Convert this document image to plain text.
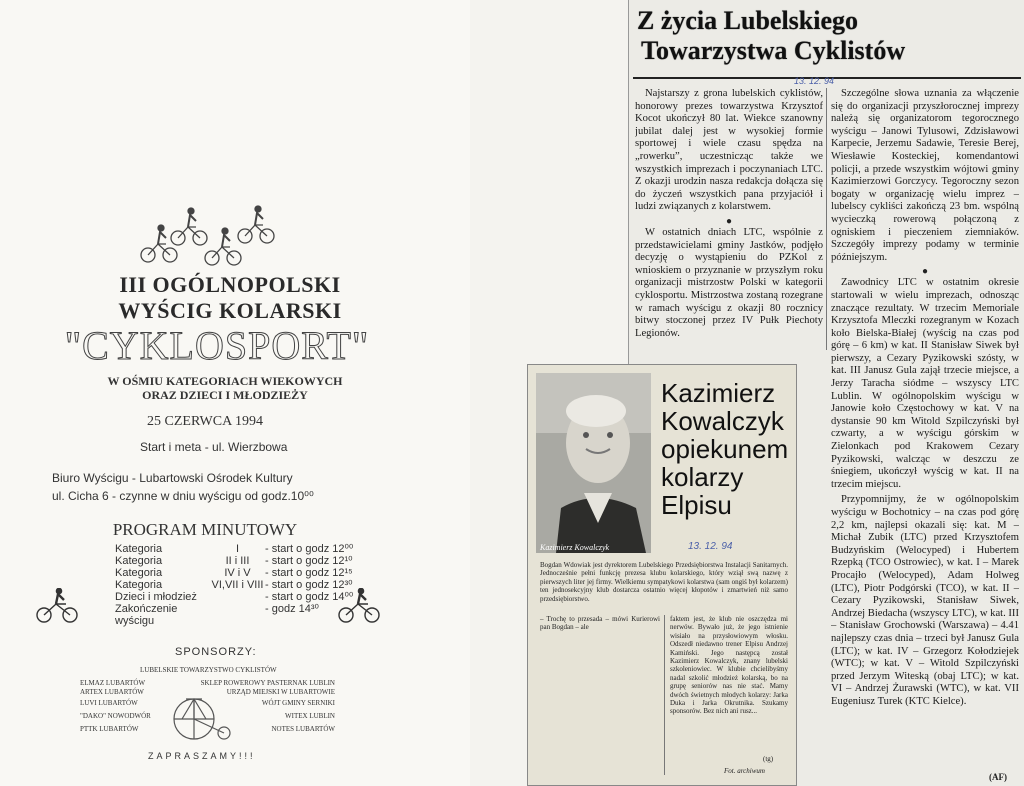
III OGÓLNOPOLSKI
WYŚCIG KOLARSKI
"CYKLOSPORT"
W OŚMIU KATEGORIACH WIEKOWYCH
ORAZ DZIECI I MŁODZIEŻY
25 CZERWCA 1994
Start i meta - ul. Wierzbowa
Biuro Wyścigu - Lubartowski Ośrodek Kultury
ul. Cicha 6 - czynne w dniu wyścigu od godz.10⁰⁰
PROGRAM MINUTOWY
Kategoria	I	- start o godz 12⁰⁰
Kategoria	II i III	- start o godz 12¹⁰
Kategoria	IV i V	- start o godz 12¹⁵
Kategoria	VI,VII i VIII - start o godz 12³⁰
Dzieci i młodzież	- start o godz 14⁰⁰
Zakończenie wyścigu
- godz 14³⁰
SPONSORZY:
LUBELSKIE TOWARZYSTWO CYKLISTÓW
ELMAZ LUBARTÓW
ARTEX LUBARTÓW
LUVI LUBARTÓW
"DAKO" NOWODWÓR
PTTK LUBARTÓW
SKLEP ROWEROWY PASTERNAK LUBLIN
URZĄD MIEJSKI W LUBARTOWIE
WÓJT GMINY SERNIKI
WITEX LUBLIN
NOTES LUBARTÓW
ZAPRASZAMY!!!
Z życia Lubelskiego
Towarzystwa Cyklistów
13. 12. 94

Najstarszy z grona lubelskich cyklistów, honorowy prezes towarzystwa Krzysztof Kocot ukończył 80 lat. Wiekce szanowny jubilat dalej jest w wysokiej formie sportowej i wiele czasu spędza na „rowerku”, uczestnicząc także we wszystkich imprezach i poczynaniach LTC. Z okazji urodzin nasza redakcja dołącza się do życzeń wszystkich pana przyjaciół i ludzi związanych z kolarstwem.

●

W ostatnich dniach LTC, wspólnie z przedstawicielami gminy Jastków, podjęło decyzję o wystąpieniu do PZKol z wnioskiem o przyznanie w przyszłym roku organizacji mistrzostw Polski w kategorii cyklosportu. Mistrzostwa zostaną rozegrane w ramach wyścigu z okazji 80 rocznicy bitwy stoczonej przez IV Pułk Piechoty Legionów.

Szczególne słowa uznania za włączenie się do organizacji przyszłorocznej imprezy należą się organizatorom tegorocznego wyścigu – Janowi Tylusowi, Zdzisławowi Karpecie, Jerzemu Sadawie, Teresie Berej, Wiesławie Kosteckiej, komendantowi policji, a przede wszystkim wójtowi gminy Kazimierzowi Gorczycy. Tegoroczny sezon bogaty w organizację wielu imprez – lubelscy cykliści zakończą 23 bm. wspólną wycieczką rowerową połączoną z ogniskiem i pieczeniem ziemniaków. Szczegóły imprezy podamy w terminie późniejszym.

●

Zawodnicy LTC w ostatnim okresie startowali w wielu imprezach, odnosząc znaczące rezultaty. W trzecim Memoriale Krzysztofa Mleczki rozegranym w Kozach koło Bielska-Białej (wyścig na czas pod górę – 6 km) w kat. II Stanisław Siwek był pierwszy, a Cezary Pyzikowski szósty, w kat. III Janusz Gula zajął trzecie miejsce, a Jerzy Taracha siódme – wszyscy LTC Lublin. W ogólnopolskim wyścigu w Janowie koło Częstochowy w kat. V na dystansie 90 km Witold Szpilczyński był czwarty, a w wyścigu górskim w Zielonkach pod Krakowem Cezary Pyzikowski, walcząc w deszczu ze śniegiem, ukończył wyścig w kat. II na trzecim miejscu.

Przypomnijmy, że w ogólnopolskim wyścigu w Bochotnicy – na czas pod górę 2,2 km, najlepsi okazali się: kat. M – Michał Zubik (LTC) przed Krzysztofem Budzyńskim (Welocyped) i Hubertem Rzepką (TCO Ostrowiec), w kat. I – Marek Procajło (Welocyped), Adam Holweg (LTC), Piotr Podgórski (TCO), w kat. II – Cezary Pyzikowski, Stanisław Siwek, Andrzej Biedacha (wszyscy LTC), w kat. III – Stanisław Grochowski (Warszawa) – 4.41 najlepszy czas dnia – trzeci był Janusz Gula (LTC); w kat. IV – Grzegorz Kołodziejek (WTC); w kat. V – Witold Szpilczyński przed Jerzym Witeską (obaj LTC); w kat. VI – Andrzej Żurawski (WTC), w kat. VII Eugeniusz Turek (KTC Kielce).

(AF)
Kazimierz Kowalczyk
Kazimierz
Kowalczyk
opiekunem
kolarzy
Elpisu
13. 12. 94
Bogdan Wdowiak jest dyrektorem Lubelskiego Przedsiębiorstwa Instalacji Sanitarnych. Jednocześnie pełni funkcję prezesa klubu kolarskiego, który wziął swą nazwę z pierwszych liter jej firmy. Wielkiemu sympatykowi kolarstwa (sam ongiś był kolarzem) ten jednosekcyjny klub dostarcza ostatnio więcej kłopotów i zmartwień niż samo przedsiębiorstwo.
– Trochę to przesada – mówi Kurierowi pan Bogdan – ale
faktem jest, że klub nie oszczędza mi nerwów. Bywało już, że jego istnienie wisiało na przysłowiowym włosku. Odszedł niedawno trener Elpisu Andrzej Kamiński. Jego następcą został Kazimierz Kowalczyk, znany lubelski szkoleniowiec. W klubie chcielibyśmy nadal szkolić młodzież kolarską, bo na grupę seniorów nas nie stać. Mamy dwóch świetnych młodych kolarzy: Jarka Duka i Jarka Okrutnika. Szukamy sponsorów. Bez nich ani rusz...
(tg)
Fot. archiwum
